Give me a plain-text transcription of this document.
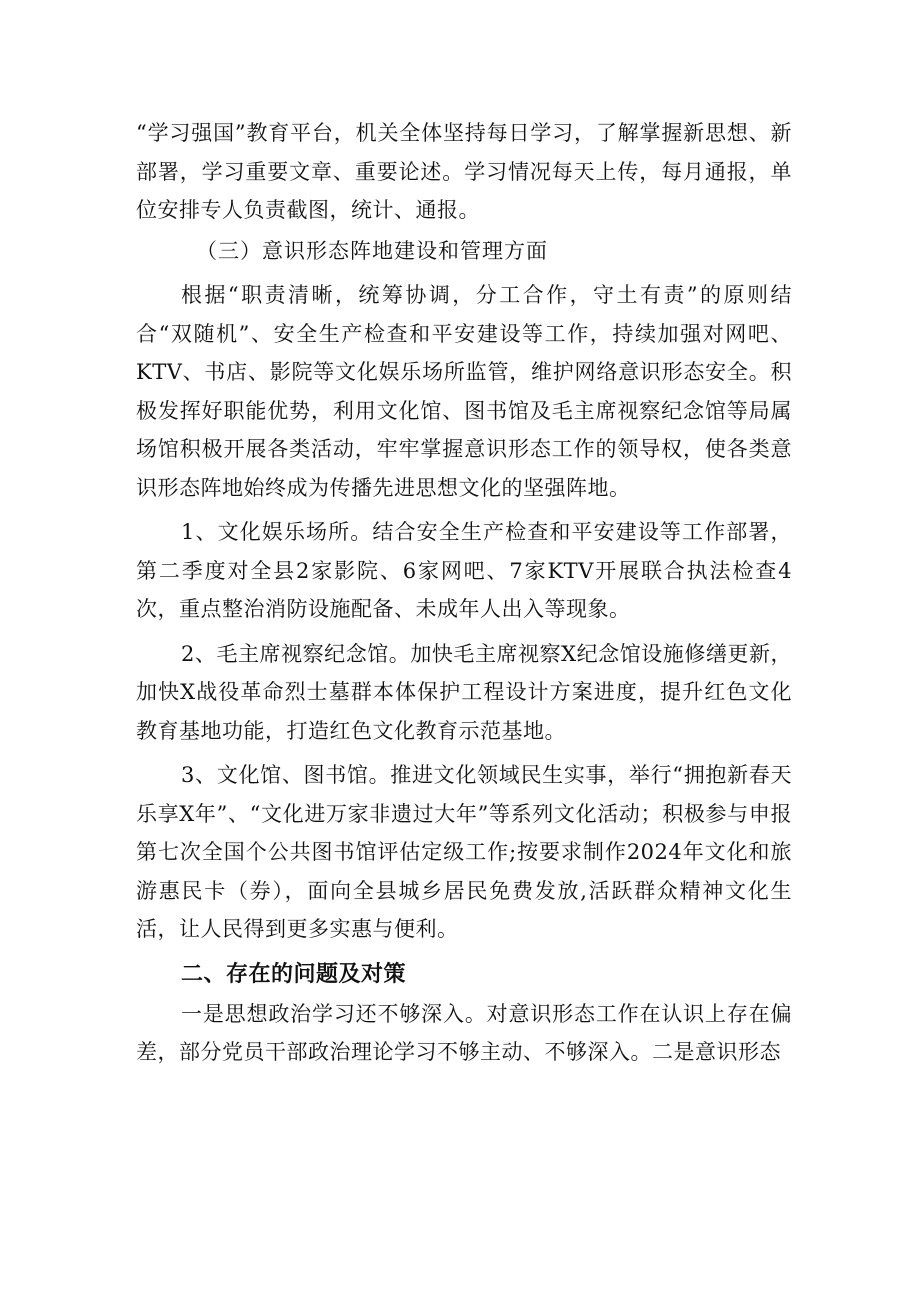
“学习强国”教育平台，机关全体坚持每日学习，了解掌握新思想、新部署，学习重要文章、重要论述。学习情况每天上传，每月通报，单位安排专人负责截图，统计、通报。

（三）意识形态阵地建设和管理方面

根据“职责清晰，统筹协调，分工合作，守土有责”的原则结合“双随机”、安全生产检查和平安建设等工作，持续加强对网吧、KTV、书店、影院等文化娱乐场所监管，维护网络意识形态安全。积极发挥好职能优势，利用文化馆、图书馆及毛主席视察纪念馆等局属场馆积极开展各类活动，牢牢掌握意识形态工作的领导权，使各类意识形态阵地始终成为传播先进思想文化的坚强阵地。

1、文化娱乐场所。结合安全生产检查和平安建设等工作部署，第二季度对全县2家影院、6家网吧、7家KTV开展联合执法检查4次，重点整治消防设施配备、未成年人出入等现象。

2、毛主席视察纪念馆。加快毛主席视察X纪念馆设施修缮更新，加快X战役革命烈士墓群本体保护工程设计方案进度，提升红色文化教育基地功能，打造红色文化教育示范基地。

3、文化馆、图书馆。推进文化领域民生实事，举行“拥抱新春天乐享X年”、“文化进万家非遗过大年”等系列文化活动；积极参与申报第七次全国个公共图书馆评估定级工作;按要求制作2024年文化和旅游惠民卡（券），面向全县城乡居民免费发放,活跃群众精神文化生活，让人民得到更多实惠与便利。

二、存在的问题及对策

一是思想政治学习还不够深入。对意识形态工作在认识上存在偏差，部分党员干部政治理论学习不够主动、不够深入。二是意识形态
